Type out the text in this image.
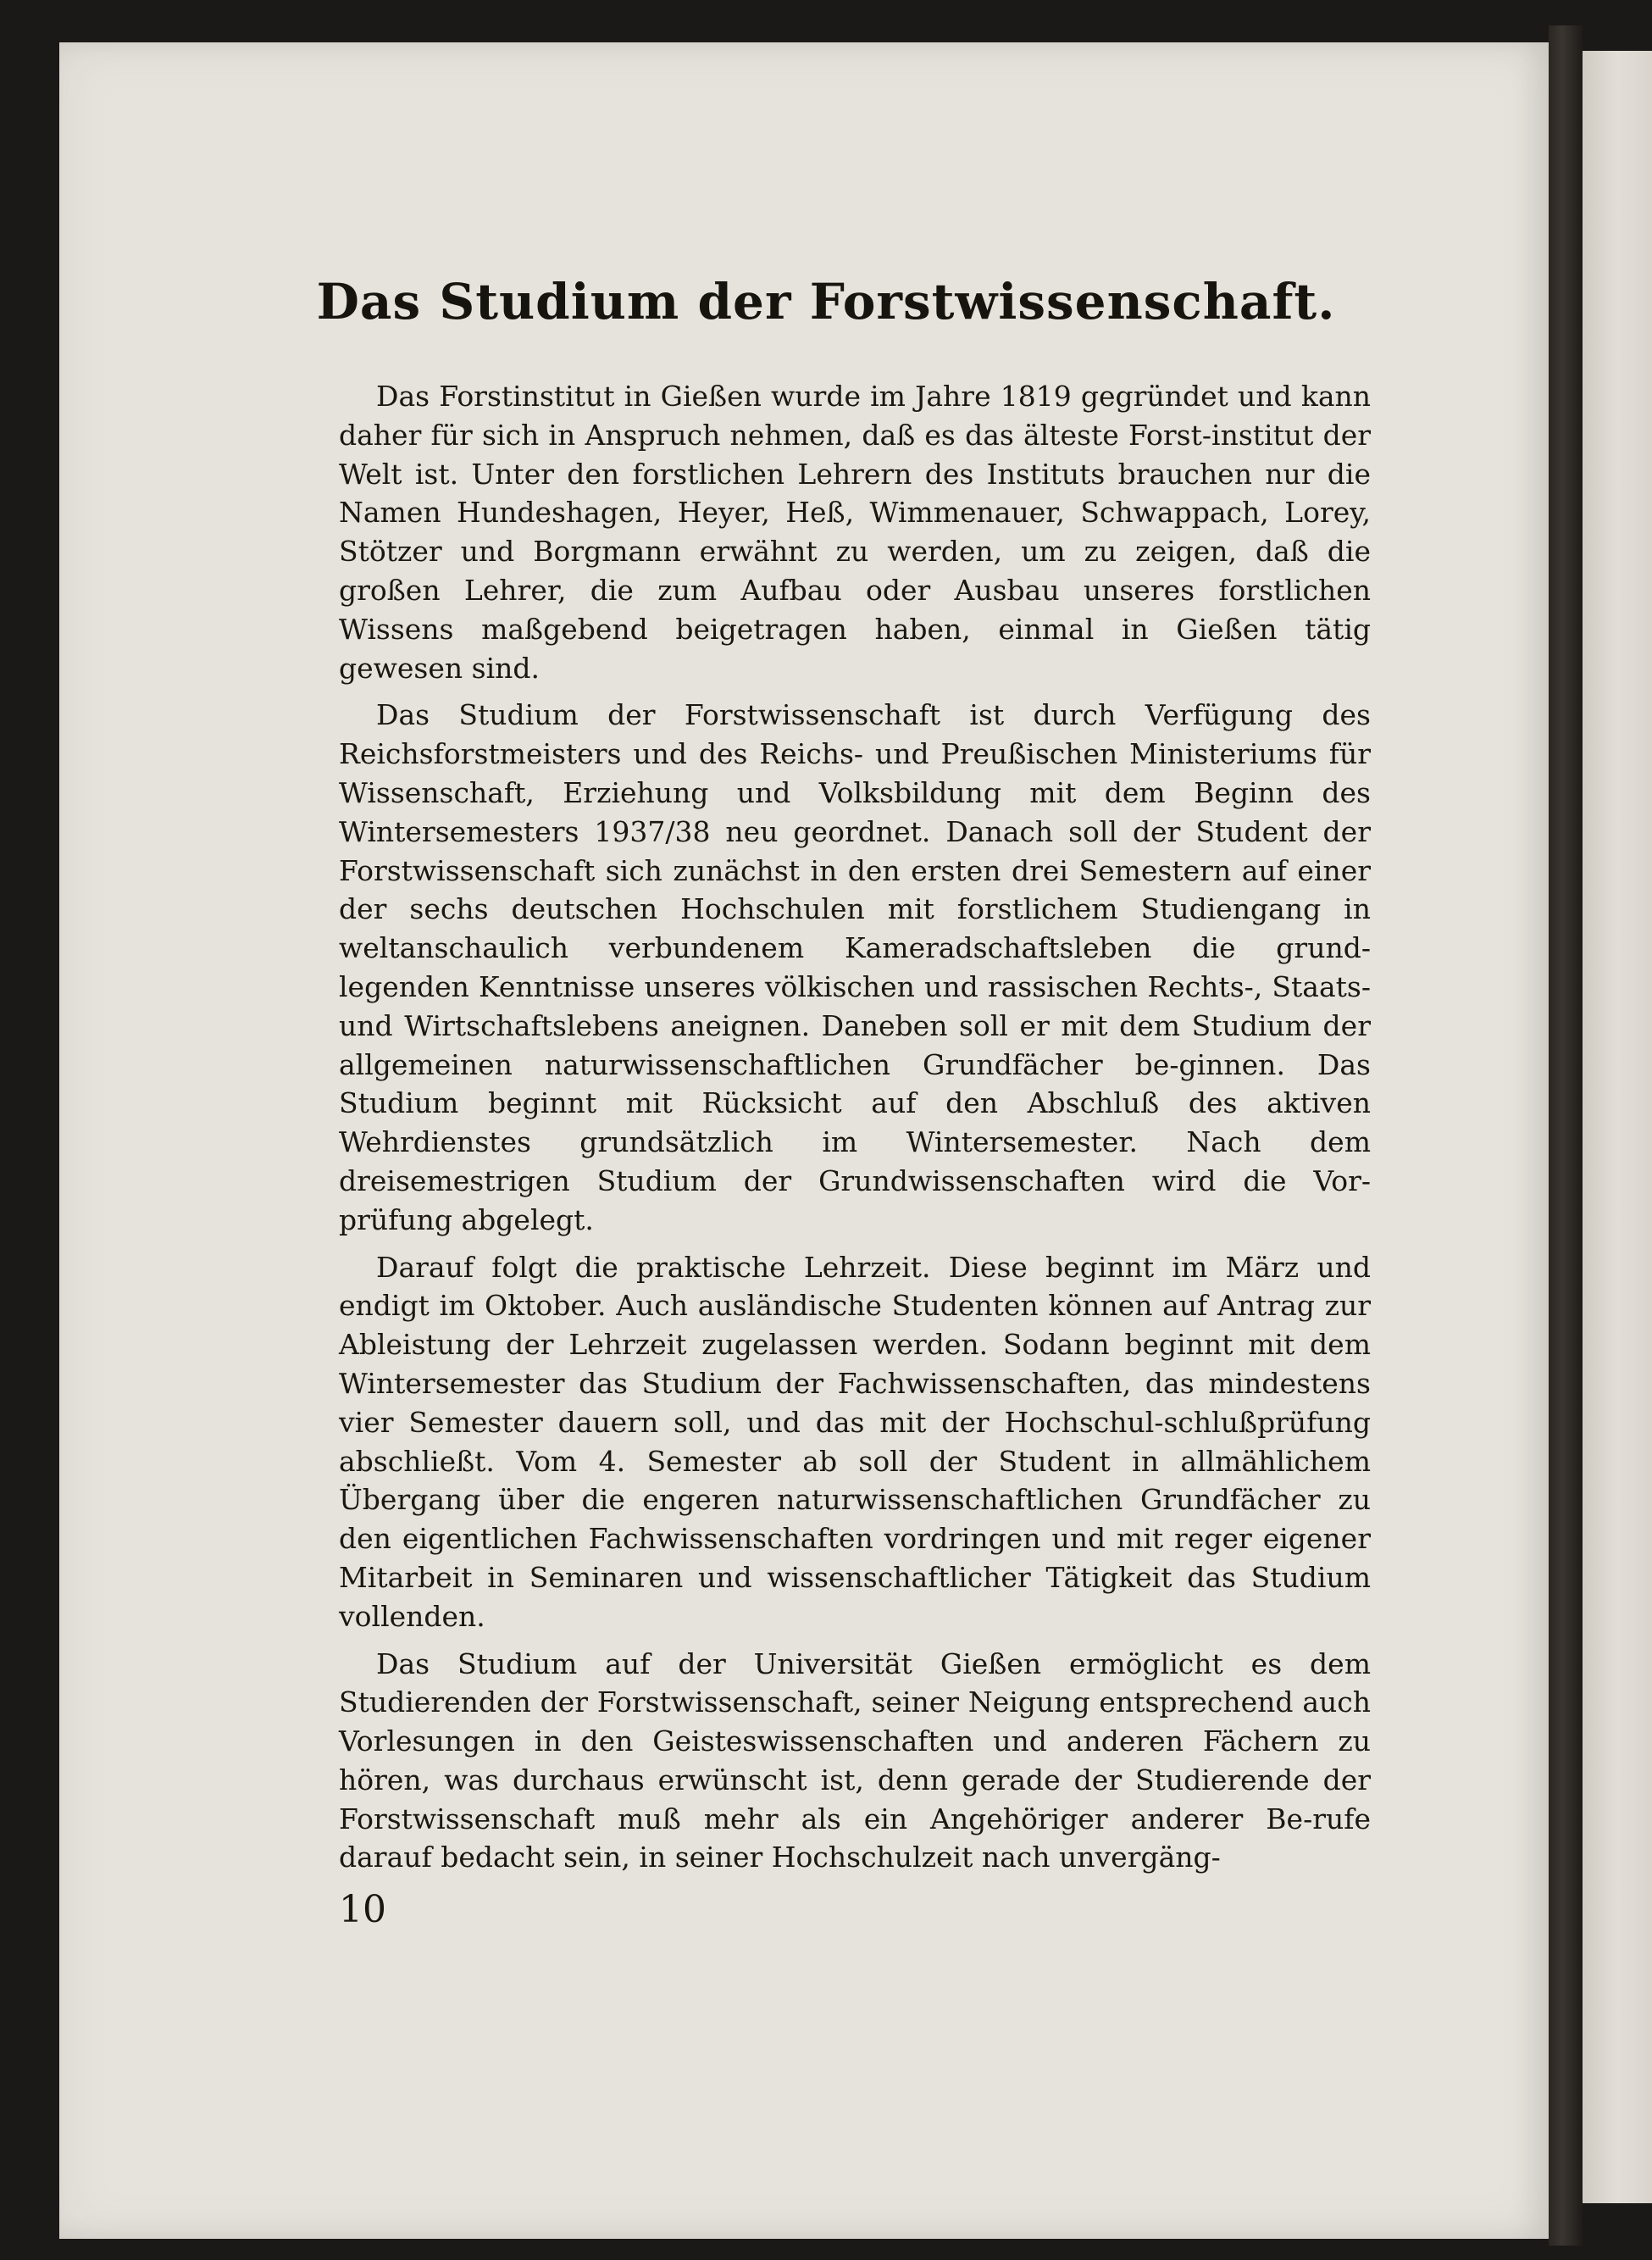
Das Studium der Forstwissenschaft.

Das Forstinstitut in Gießen wurde im Jahre 1819 gegründet und kann daher für sich in Anspruch nehmen, daß es das älteste Forst-institut der Welt ist. Unter den forstlichen Lehrern des Instituts brauchen nur die Namen Hundeshagen, Heyer, Heß, Wimmenauer, Schwappach, Lorey, Stötzer und Borgmann erwähnt zu werden, um zu zeigen, daß die großen Lehrer, die zum Aufbau oder Ausbau unseres forstlichen Wissens maßgebend beigetragen haben, einmal in Gießen tätig gewesen sind.

Das Studium der Forstwissenschaft ist durch Verfügung des Reichsforstmeisters und des Reichs- und Preußischen Ministeriums für Wissenschaft, Erziehung und Volksbildung mit dem Beginn des Wintersemesters 1937/38 neu geordnet. Danach soll der Student der Forstwissenschaft sich zunächst in den ersten drei Semestern auf einer der sechs deutschen Hochschulen mit forstlichem Studiengang in weltanschaulich verbundenem Kameradschaftsleben die grund-legenden Kenntnisse unseres völkischen und rassischen Rechts-, Staats- und Wirtschaftslebens aneignen. Daneben soll er mit dem Studium der allgemeinen naturwissenschaftlichen Grundfächer be-ginnen. Das Studium beginnt mit Rücksicht auf den Abschluß des aktiven Wehrdienstes grundsätzlich im Wintersemester. Nach dem dreisemestrigen Studium der Grundwissenschaften wird die Vor-prüfung abgelegt.

Darauf folgt die praktische Lehrzeit. Diese beginnt im März und endigt im Oktober. Auch ausländische Studenten können auf Antrag zur Ableistung der Lehrzeit zugelassen werden. Sodann beginnt mit dem Wintersemester das Studium der Fachwissenschaften, das mindestens vier Semester dauern soll, und das mit der Hochschul-schlußprüfung abschließt. Vom 4. Semester ab soll der Student in allmählichem Übergang über die engeren naturwissenschaftlichen Grundfächer zu den eigentlichen Fachwissenschaften vordringen und mit reger eigener Mitarbeit in Seminaren und wissenschaftlicher Tätigkeit das Studium vollenden.

Das Studium auf der Universität Gießen ermöglicht es dem Studierenden der Forstwissenschaft, seiner Neigung entsprechend auch Vorlesungen in den Geisteswissenschaften und anderen Fächern zu hören, was durchaus erwünscht ist, denn gerade der Studierende der Forstwissenschaft muß mehr als ein Angehöriger anderer Be-rufe darauf bedacht sein, in seiner Hochschulzeit nach unvergäng-

10
